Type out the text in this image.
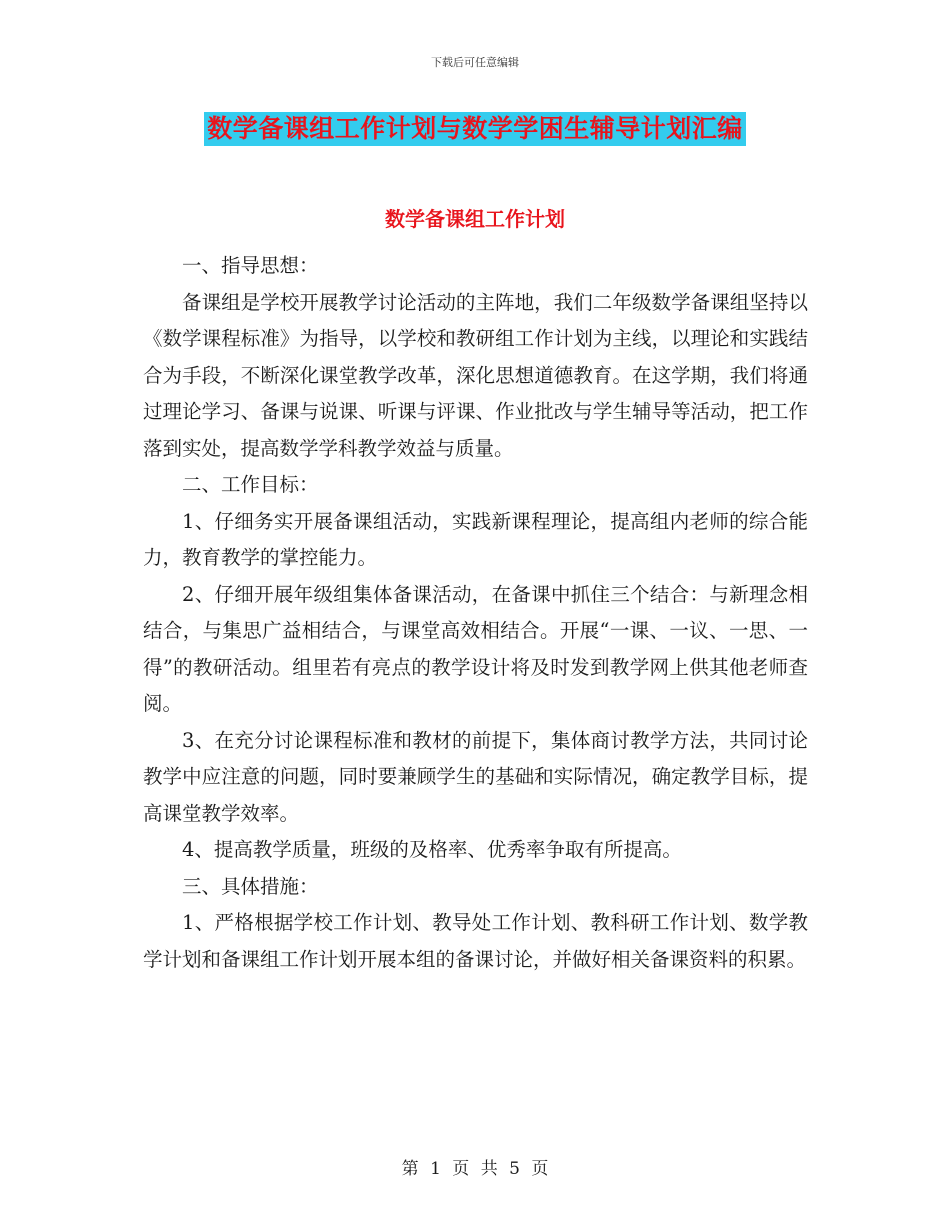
下载后可任意编辑
数学备课组工作计划与数学学困生辅导计划汇编
数学备课组工作计划

一、指导思想：

备课组是学校开展教学讨论活动的主阵地，我们二年级数学备课组坚持以《数学课程标准》为指导，以学校和教研组工作计划为主线，以理论和实践结合为手段，不断深化课堂教学改革，深化思想道德教育。在这学期，我们将通过理论学习、备课与说课、听课与评课、作业批改与学生辅导等活动，把工作落到实处，提高数学学科教学效益与质量。

二、工作目标：

1、仔细务实开展备课组活动，实践新课程理论，提高组内老师的综合能力，教育教学的掌控能力。

2、仔细开展年级组集体备课活动，在备课中抓住三个结合：与新理念相结合，与集思广益相结合，与课堂高效相结合。开展“一课、一议、一思、一得”的教研活动。组里若有亮点的教学设计将及时发到教学网上供其他老师查阅。

3、在充分讨论课程标准和教材的前提下，集体商讨教学方法，共同讨论教学中应注意的问题，同时要兼顾学生的基础和实际情况，确定教学目标，提高课堂教学效率。

4、提高教学质量，班级的及格率、优秀率争取有所提高。

三、具体措施：

1、严格根据学校工作计划、教导处工作计划、教科研工作计划、数学教学计划和备课组工作计划开展本组的备课讨论，并做好相关备课资料的积累。

第 1 页 共 5 页
